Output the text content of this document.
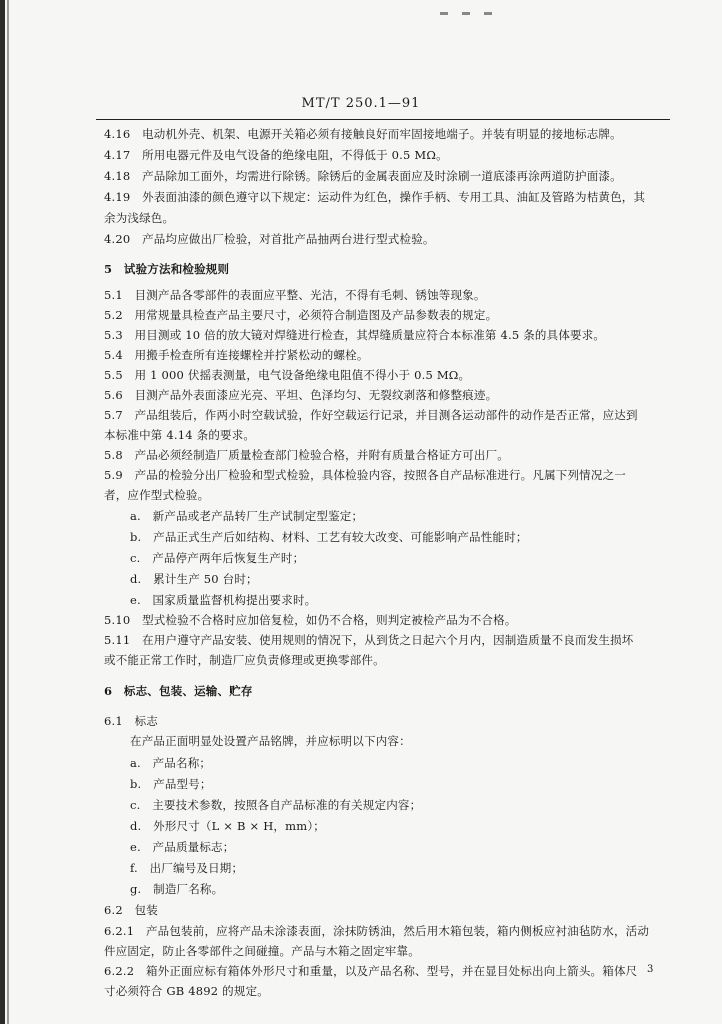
MT/T 250.1—91
4.16　电动机外壳、机架、电源开关箱必须有接触良好而牢固接地端子。并装有明显的接地标志牌。
4.17　所用电器元件及电气设备的绝缘电阻，不得低于 0.5 MΩ。
4.18　产品除加工面外，均需进行除锈。除锈后的金属表面应及时涂刷一道底漆再涂两道防护面漆。
4.19　外表面油漆的颜色遵守以下规定：运动件为红色，操作手柄、专用工具、油缸及管路为桔黄色，其
余为浅绿色。
4.20　产品均应做出厂检验，对首批产品抽两台进行型式检验。
5　试验方法和检验规则
5.1　目测产品各零部件的表面应平整、光洁，不得有毛刺、锈蚀等现象。
5.2　用常规量具检查产品主要尺寸，必须符合制造图及产品参数表的规定。
5.3　用目测或 10 倍的放大镜对焊缝进行检查，其焊缝质量应符合本标准第 4.5 条的具体要求。
5.4　用搬手检查所有连接螺栓并拧紧松动的螺栓。
5.5　用 1 000 伏摇表测量，电气设备绝缘电阻值不得小于 0.5 MΩ。
5.6　目测产品外表面漆应光亮、平坦、色泽均匀、无裂纹剥落和修整痕迹。
5.7　产品组装后，作两小时空载试验，作好空载运行记录，并目测各运动部件的动作是否正常，应达到
本标准中第 4.14 条的要求。
5.8　产品必须经制造厂质量检查部门检验合格，并附有质量合格证方可出厂。
5.9　产品的检验分出厂检验和型式检验，具体检验内容，按照各自产品标准进行。凡属下列情况之一
者，应作型式检验。
a.　新产品或老产品转厂生产试制定型鉴定；
b.　产品正式生产后如结构、材料、工艺有较大改变、可能影响产品性能时；
c.　产品停产两年后恢复生产时；
d.　累计生产 50 台时；
e.　国家质量监督机构提出要求时。
5.10　型式检验不合格时应加倍复检，如仍不合格，则判定被检产品为不合格。
5.11　在用户遵守产品安装、使用规则的情况下，从到货之日起六个月内，因制造质量不良而发生损坏
或不能正常工作时，制造厂应负责修理或更换零部件。
6　标志、包装、运输、贮存
6.1　标志
在产品正面明显处设置产品铭牌，并应标明以下内容：
a.　产品名称；
b.　产品型号；
c.　主要技术参数，按照各自产品标准的有关规定内容；
d.　外形尺寸（L × B × H，mm）；
e.　产品质量标志；
f.　出厂编号及日期；
g.　制造厂名称。
6.2　包装
6.2.1　产品包装前，应将产品未涂漆表面，涂抹防锈油，然后用木箱包装，箱内侧板应衬油毡防水，活动
件应固定，防止各零部件之间碰撞。产品与木箱之固定牢靠。
6.2.2　箱外正面应标有箱体外形尺寸和重量，以及产品名称、型号，并在显目处标出向上箭头。箱体尺
寸必须符合 GB 4892 的规定。
3
